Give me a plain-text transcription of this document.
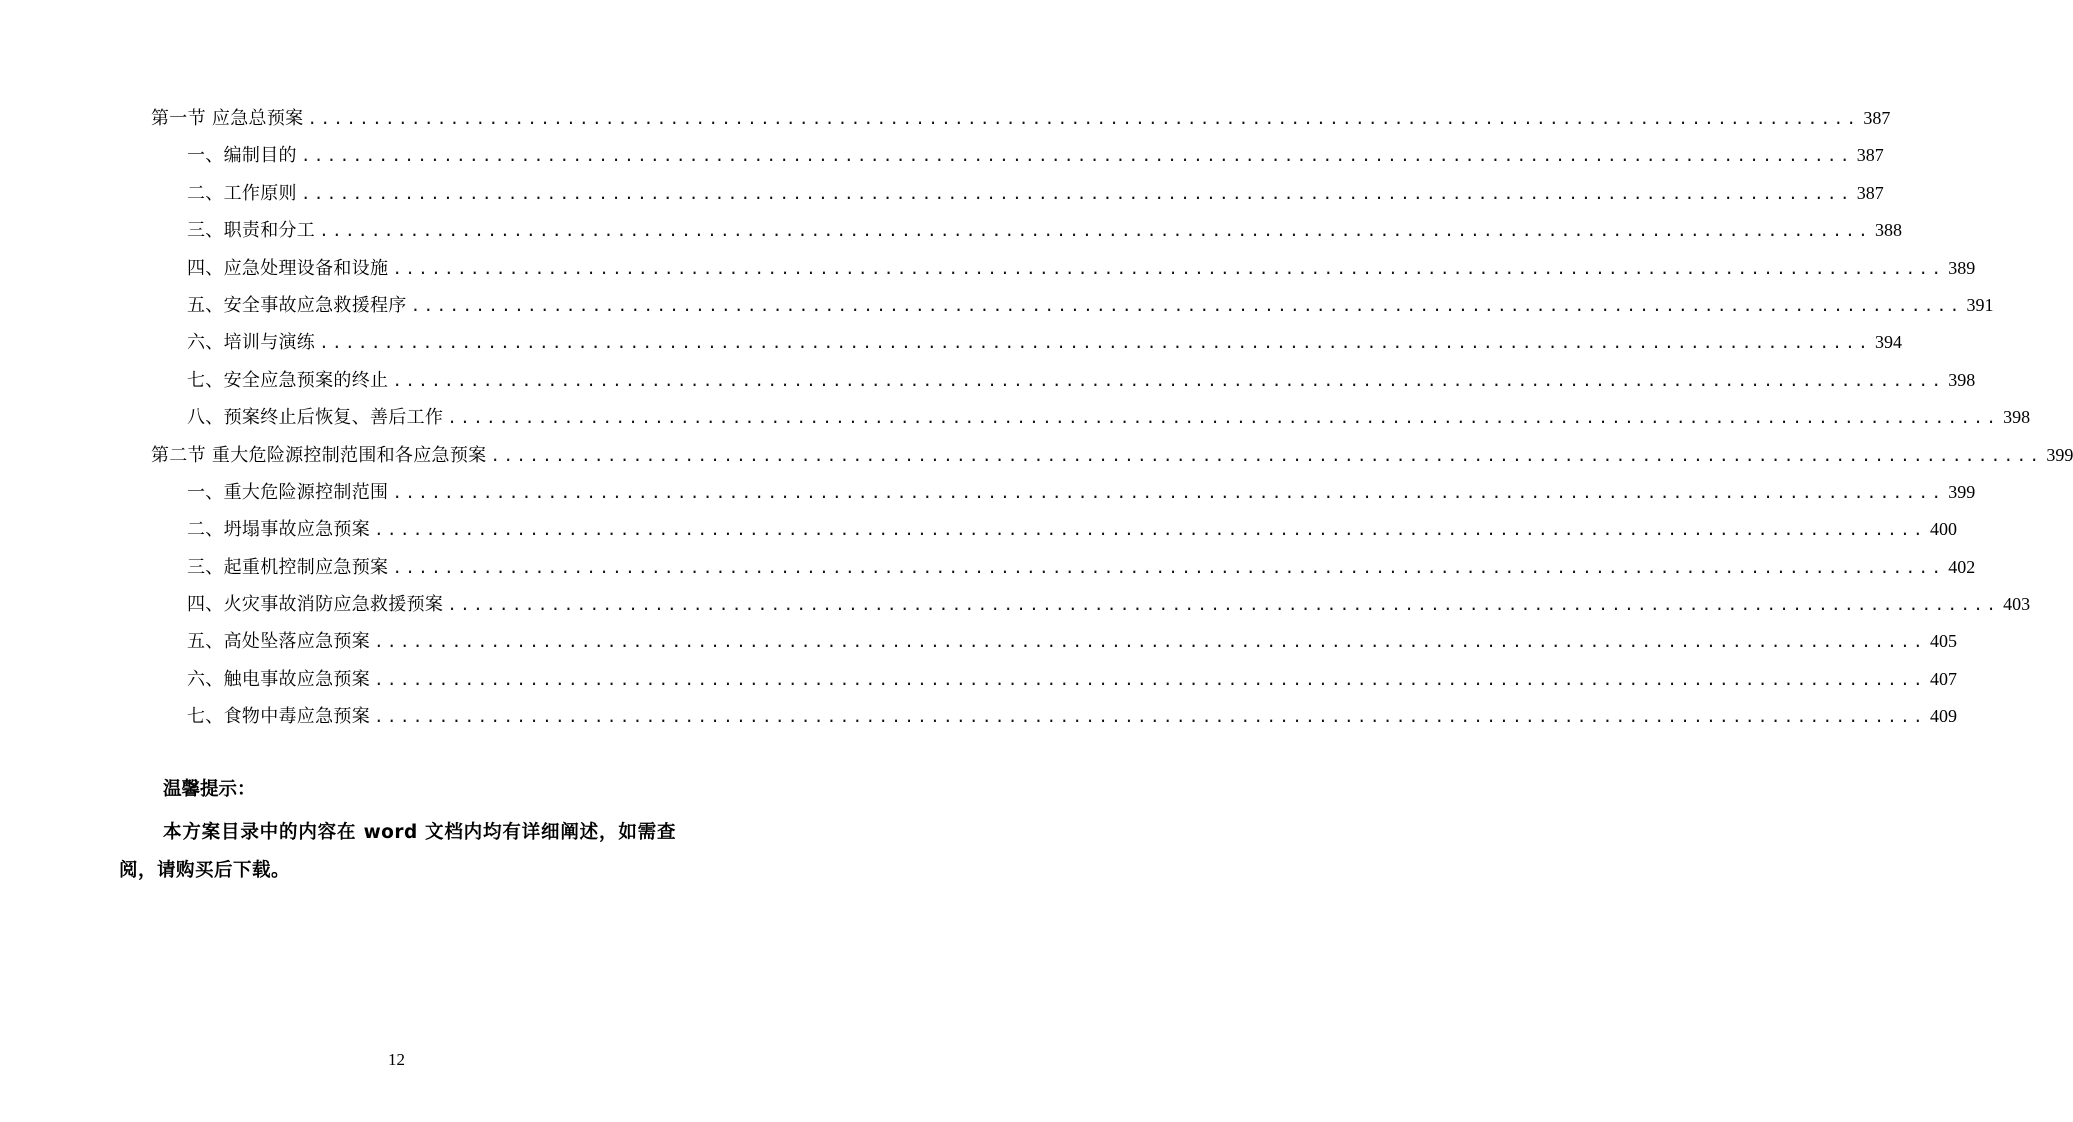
第一节 应急总预案 ........................................................................................................................ 387
一、编制目的 ........................................................................................................................ 387
二、工作原则 ........................................................................................................................ 387
三、职责和分工 ........................................................................................................................ 388
四、应急处理设备和设施 ........................................................................................................................ 389
五、安全事故应急救援程序 ........................................................................................................................ 391
六、培训与演练 ........................................................................................................................ 394
七、安全应急预案的终止 ........................................................................................................................ 398
八、预案终止后恢复、善后工作 ........................................................................................................................ 398
第二节 重大危险源控制范围和各应急预案 ........................................................................................................................ 399
一、重大危险源控制范围 ........................................................................................................................ 399
二、坍塌事故应急预案 ........................................................................................................................ 400
三、起重机控制应急预案 ........................................................................................................................ 402
四、火灾事故消防应急救援预案 ........................................................................................................................ 403
五、高处坠落应急预案 ........................................................................................................................ 405
六、触电事故应急预案 ........................................................................................................................ 407
七、食物中毒应急预案 ........................................................................................................................ 409
温馨提示：
本方案目录中的内容在 word 文档内均有详细阐述，如需查阅，请购买后下载。
12
